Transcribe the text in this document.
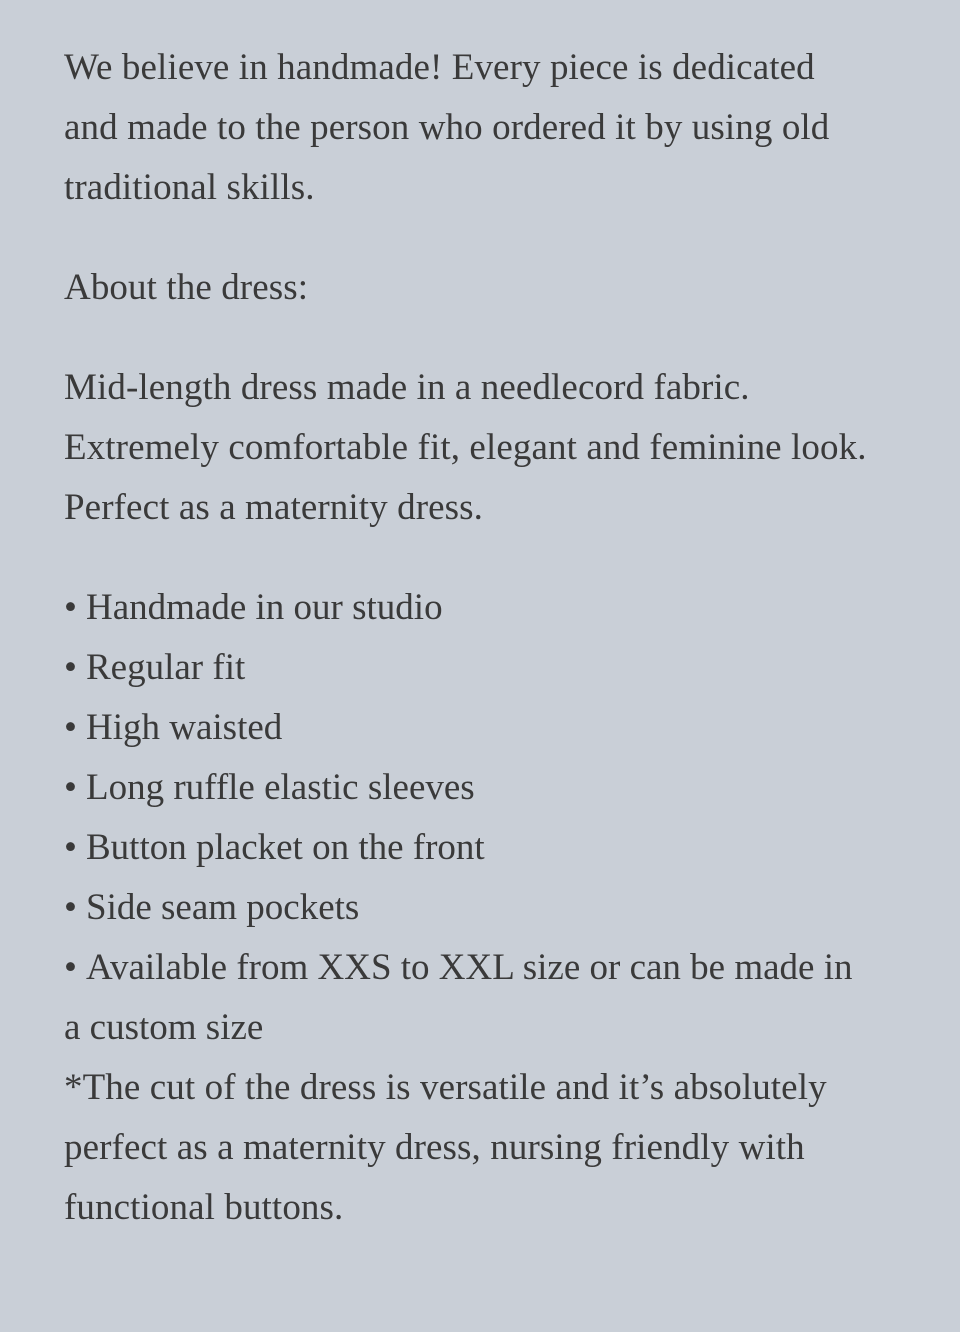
We believe in handmade! Every piece is dedicated
and made to the person who ordered it by using old
traditional skills.

About the dress:

Mid-length dress made in a needlecord fabric.
Extremely comfortable fit, elegant and feminine look.
Perfect as a maternity dress.

• Handmade in our studio
• Regular fit
• High waisted
• Long ruffle elastic sleeves
• Button placket on the front
• Side seam pockets
• Available from XXS to XXL size or can be made in
a custom size

*The cut of the dress is versatile and it’s absolutely
perfect as a maternity dress, nursing friendly with
functional buttons.
